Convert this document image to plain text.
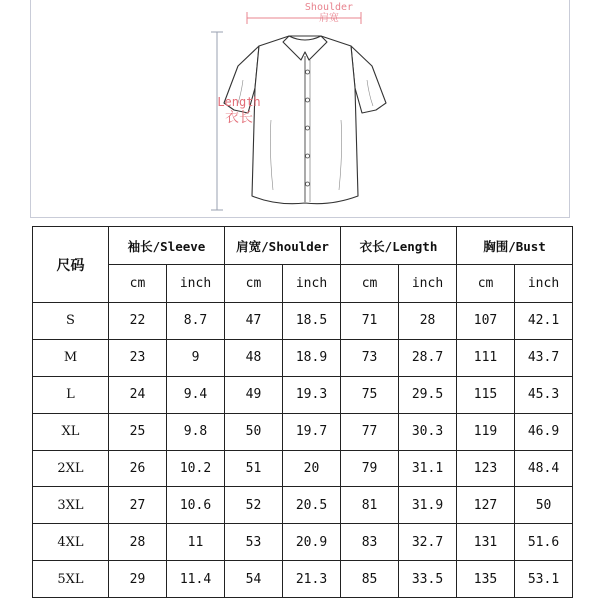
Shoulder
肩宽
Length
衣长
尺码	袖长/Sleeve		肩宽/Shoulder		衣长/Length		胸围/Bust	
	cm	inch	cm	inch	cm	inch	cm	inch
S	22	8.7	47	18.5	71	28	107	42.1
M	23	9	48	18.9	73	28.7	111	43.7
L	24	9.4	49	19.3	75	29.5	115	45.3
XL	25	9.8	50	19.7	77	30.3	119	46.9
2XL	26	10.2	51	20	79	31.1	123	48.4
3XL	27	10.6	52	20.5	81	31.9	127	50
4XL	28	11	53	20.9	83	32.7	131	51.6
5XL	29	11.4	54	21.3	85	33.5	135	53.1
